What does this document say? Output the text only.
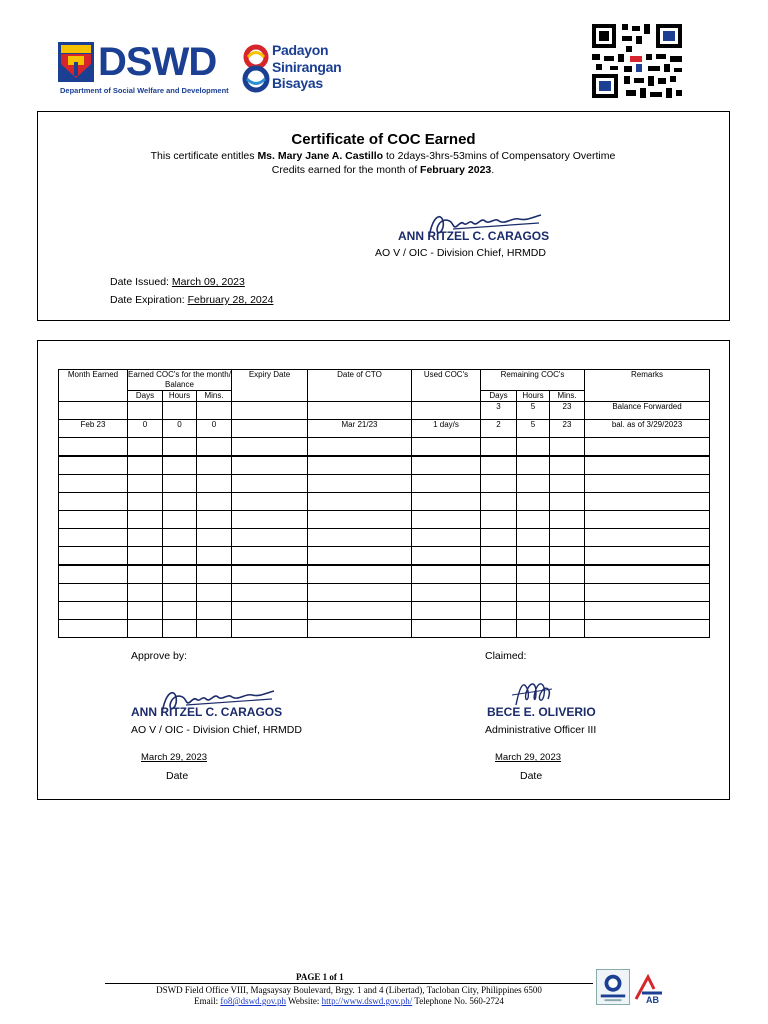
DSWD
Department of Social Welfare and Development
Padayon
Sinirangan
Bisayas
Certificate of COC Earned
This certificate entitles Ms. Mary Jane A. Castillo to 2days-3hrs-53mins of Compensatory Overtime
Credits earned for the month of February 2023.
ANN RITZEL C. CARAGOS
AO V / OIC - Division Chief, HRMDD
Date Issued: March 09, 2023
Date Expiration: February 28, 2024
Month Earned	Earned COC's for the month/ Balance			Expiry Date	Date of CTO	Used COC's	Remaining COC's			Remarks
	Days	Hours	Mins.				Days	Hours	Mins.	
							3	5	23	Balance Forwarded
Feb 23	0	0	0		Mar 21/23	1 day/s	2	5	23	bal. as of 3/29/2023

Approve by:	Claimed:
ANN RITZEL C. CARAGOS
AO V / OIC - Division Chief, HRMDD
BECE E. OLIVERIO
Administrative Officer III
March 29, 2023
Date
March 29, 2023
Date
PAGE 1 of 1
DSWD Field Office VIII, Magsaysay Boulevard, Brgy. 1 and 4 (Libertad), Tacloban City, Philippines 6500
Email: fo8@dswd.gov.ph Website: http://www.dswd.gov.ph/ Telephone No. 560-2724	AB
